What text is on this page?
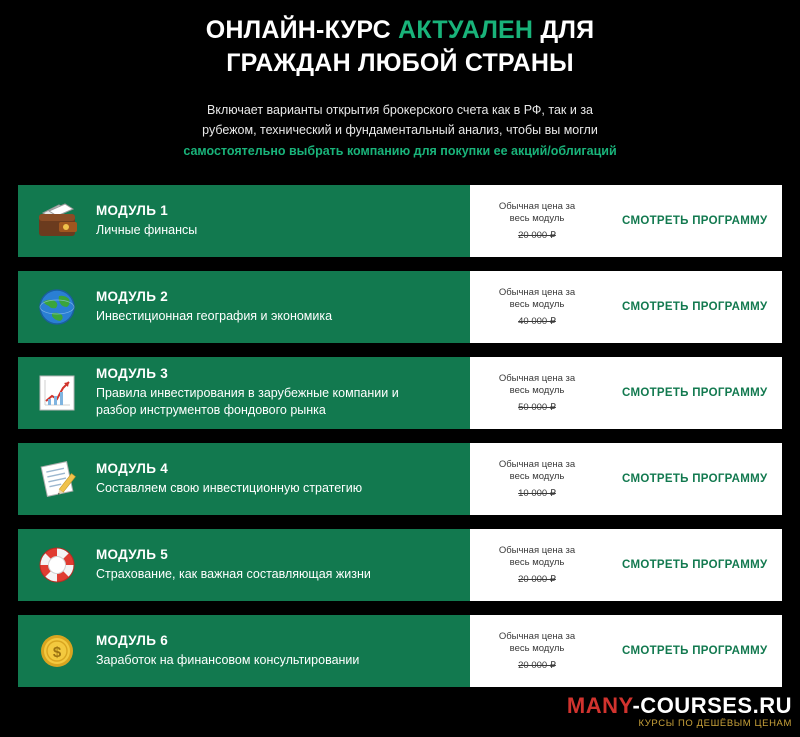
ОНЛАЙН-КУРС АКТУАЛЕН ДЛЯ
ГРАЖДАН ЛЮБОЙ СТРАНЫ
Включает варианты открытия брокерского счета как в РФ, так и за
рубежом, технический и фундаментальный анализ, чтобы вы могли
самостоятельно выбрать компанию для покупки ее акций/облигаций
МОДУЛЬ 1
Личные финансы
Обычная цена за
весь модуль
20 000 ₽
СМОТРЕТЬ ПРОГРАММУ
МОДУЛЬ 2
Инвестиционная география и экономика
Обычная цена за
весь модуль
40 000 ₽
СМОТРЕТЬ ПРОГРАММУ
МОДУЛЬ 3
Правила инвестирования в зарубежные компании и разбор инструментов фондового рынка
Обычная цена за
весь модуль
50 000 ₽
СМОТРЕТЬ ПРОГРАММУ
МОДУЛЬ 4
Составляем свою инвестиционную стратегию
Обычная цена за
весь модуль
10 000 ₽
СМОТРЕТЬ ПРОГРАММУ
МОДУЛЬ 5
Страхование, как важная составляющая жизни
Обычная цена за
весь модуль
20 000 ₽
СМОТРЕТЬ ПРОГРАММУ
$
МОДУЛЬ 6
Заработок на финансовом консультировании
Обычная цена за
весь модуль
20 000 ₽
СМОТРЕТЬ ПРОГРАММУ
MANY-COURSES.RU
КУРСЫ ПО ДЕШЁВЫМ ЦЕНАМ
